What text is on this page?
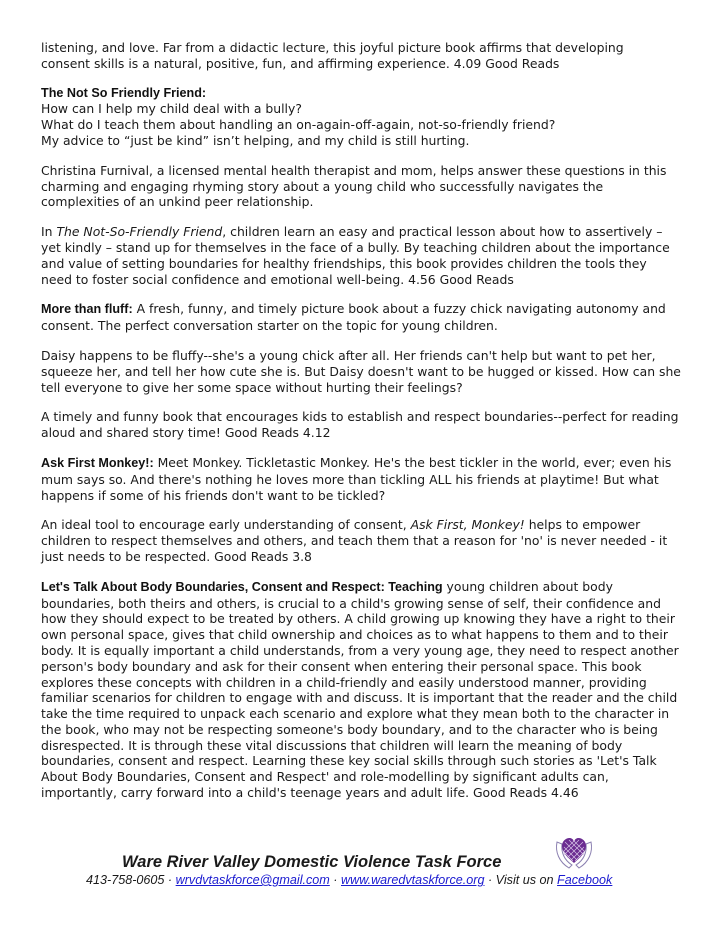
listening, and love. Far from a didactic lecture, this joyful picture book affirms that developing
consent skills is a natural, positive, fun, and affirming experience. 4.09 Good Reads

The Not So Friendly Friend:
How can I help my child deal with a bully?
What do I teach them about handling an on-again-off-again, not-so-friendly friend?
My advice to “just be kind” isn’t helping, and my child is still hurting.

Christina Furnival, a licensed mental health therapist and mom, helps answer these questions in this charming and engaging rhyming story about a young child who successfully navigates the complexities of an unkind peer relationship.

In The Not-So-Friendly Friend, children learn an easy and practical lesson about how to assertively – yet kindly – stand up for themselves in the face of a bully. By teaching children about the importance and value of setting boundaries for healthy friendships, this book provides children the tools they need to foster social confidence and emotional well-being. 4.56 Good Reads

More than fluff: A fresh, funny, and timely picture book about a fuzzy chick navigating autonomy and consent. The perfect conversation starter on the topic for young children.

Daisy happens to be fluffy--she's a young chick after all. Her friends can't help but want to pet her, squeeze her, and tell her how cute she is. But Daisy doesn't want to be hugged or kissed. How can she tell everyone to give her some space without hurting their feelings?

A timely and funny book that encourages kids to establish and respect boundaries--perfect for reading aloud and shared story time! Good Reads 4.12

Ask First Monkey!: Meet Monkey. Tickletastic Monkey. He's the best tickler in the world, ever; even his mum says so. And there's nothing he loves more than tickling ALL his friends at playtime! But what happens if some of his friends don't want to be tickled?

An ideal tool to encourage early understanding of consent, Ask First, Monkey! helps to empower children to respect themselves and others, and teach them that a reason for 'no' is never needed - it just needs to be respected. Good Reads 3.8

Let's Talk About Body Boundaries, Consent and Respect: Teaching young children about body boundaries, both theirs and others, is crucial to a child's growing sense of self, their confidence and how they should expect to be treated by others. A child growing up knowing they have a right to their own personal space, gives that child ownership and choices as to what happens to them and to their body. It is equally important a child understands, from a very young age, they need to respect another person's body boundary and ask for their consent when entering their personal space. This book explores these concepts with children in a child-friendly and easily understood manner, providing familiar scenarios for children to engage with and discuss. It is important that the reader and the child take the time required to unpack each scenario and explore what they mean both to the character in the book, who may not be respecting someone's body boundary, and to the character who is being disrespected. It is through these vital discussions that children will learn the meaning of body boundaries, consent and respect. Learning these key social skills through such stories as 'Let's Talk About Body Boundaries, Consent and Respect' and role-modelling by significant adults can, importantly, carry forward into a child's teenage years and adult life. Good Reads 4.46

Ware River Valley Domestic Violence Task Force
413-758-0605 · wrvdvtaskforce@gmail.com · www.waredvtaskforce.org · Visit us on Facebook
